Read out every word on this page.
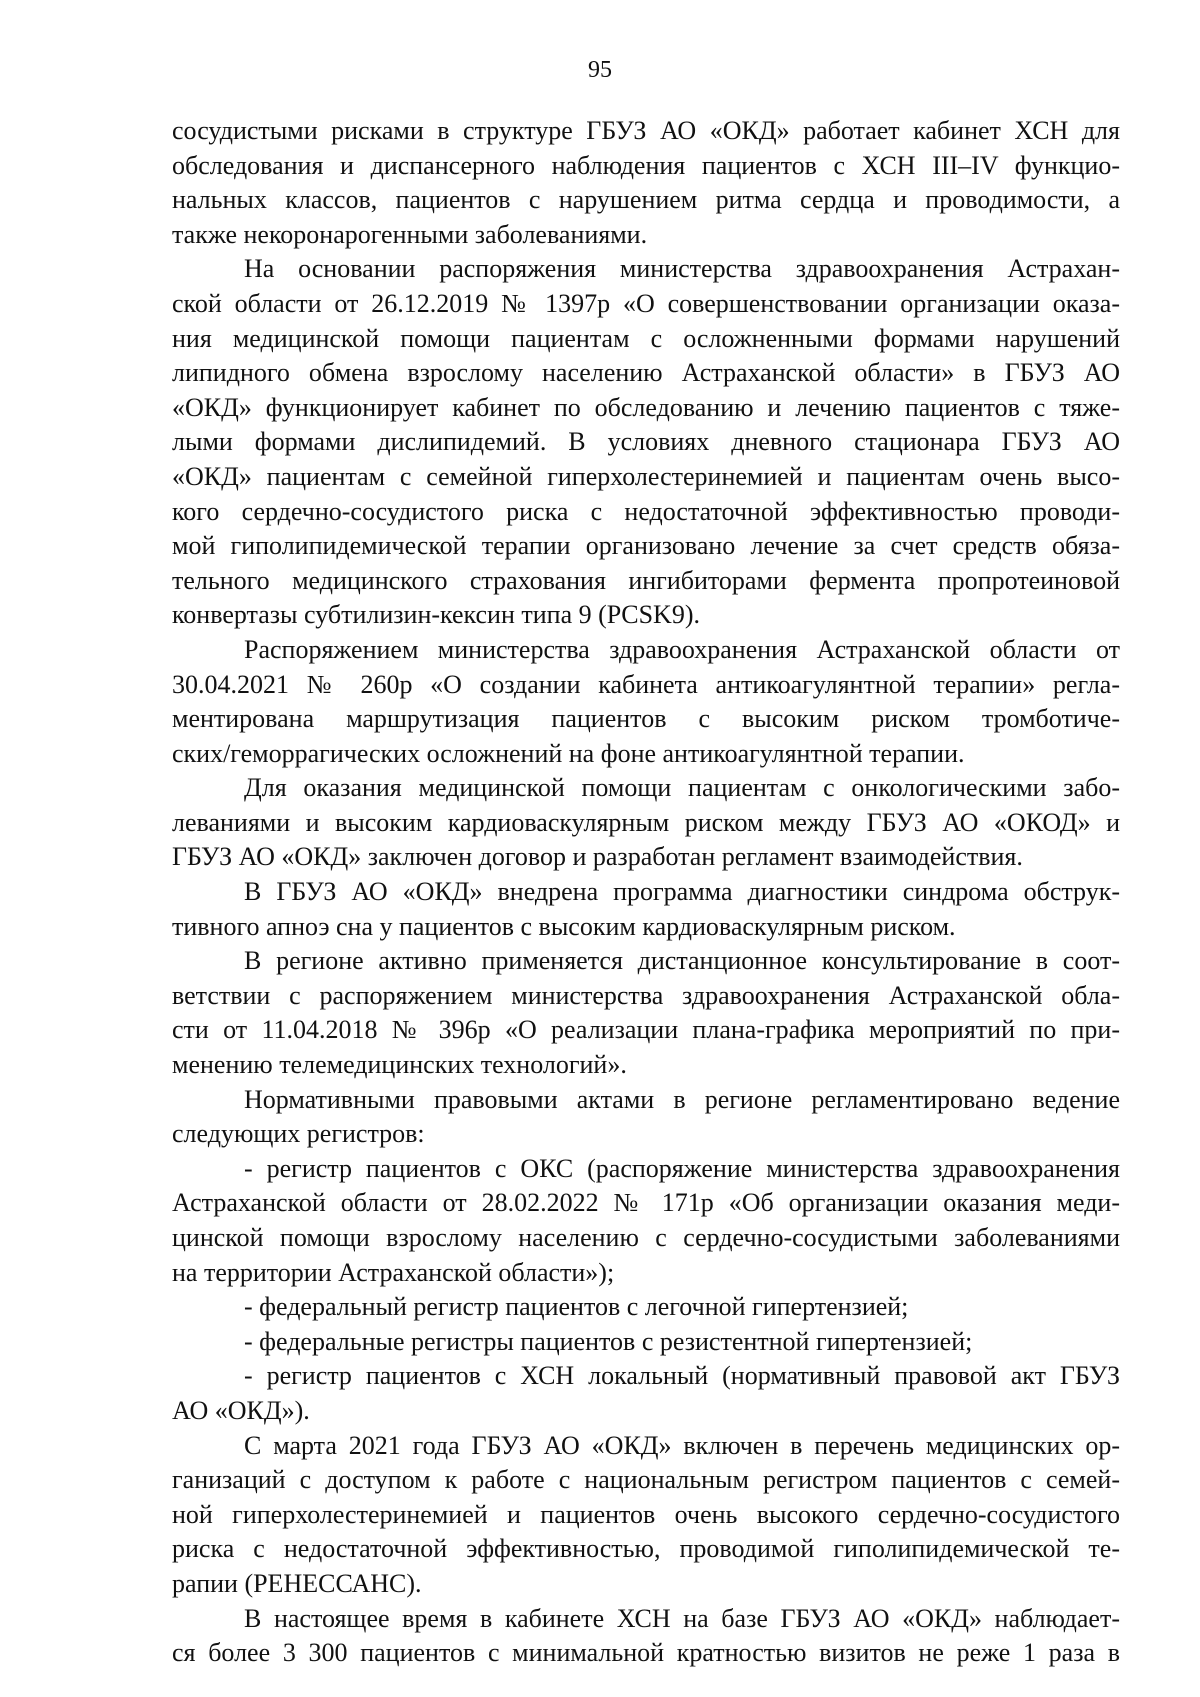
95
сосудистыми рисками в структуре ГБУЗ АО «ОКД» работает кабинет ХСН для
обследования и диспансерного наблюдения пациентов с ХСН III–IV функцио-
нальных классов, пациентов с нарушением ритма сердца и проводимости, а
также некоронарогенными заболеваниями.
На основании распоряжения министерства здравоохранения Астрахан-
ской области от 26.12.2019 № 1397р «О совершенствовании организации оказа-
ния медицинской помощи пациентам с осложненными формами нарушений
липидного обмена взрослому населению Астраханской области» в ГБУЗ АО
«ОКД» функционирует кабинет по обследованию и лечению пациентов с тяже-
лыми формами дислипидемий. В условиях дневного стационара ГБУЗ АО
«ОКД» пациентам с семейной гиперхолестеринемией и пациентам очень высо-
кого сердечно-сосудистого риска с недостаточной эффективностью проводи-
мой гиполипидемической терапии организовано лечение за счет средств обяза-
тельного медицинского страхования ингибиторами фермента пропротеиновой
конвертазы субтилизин-кексин типа 9 (PCSK9).
Распоряжением министерства здравоохранения Астраханской области от
30.04.2021 № 260р «О создании кабинета антикоагулянтной терапии» регла-
ментирована маршрутизация пациентов с высоким риском тромботиче-
ских/геморрагических осложнений на фоне антикоагулянтной терапии.
Для оказания медицинской помощи пациентам с онкологическими забо-
леваниями и высоким кардиоваскулярным риском между ГБУЗ АО «ОКОД» и
ГБУЗ АО «ОКД» заключен договор и разработан регламент взаимодействия.
В ГБУЗ АО «ОКД» внедрена программа диагностики синдрома обструк-
тивного апноэ сна у пациентов с высоким кардиоваскулярным риском.
В регионе активно применяется дистанционное консультирование в соот-
ветствии с распоряжением министерства здравоохранения Астраханской обла-
сти от 11.04.2018 № 396р «О реализации плана-графика мероприятий по при-
менению телемедицинских технологий».
Нормативными правовыми актами в регионе регламентировано ведение
следующих регистров:
- регистр пациентов с ОКС (распоряжение министерства здравоохранения
Астраханской области от 28.02.2022 № 171р «Об организации оказания меди-
цинской помощи взрослому населению с сердечно-сосудистыми заболеваниями
на территории Астраханской области»);
- федеральный регистр пациентов с легочной гипертензией;
- федеральные регистры пациентов с резистентной гипертензией;
- регистр пациентов с ХСН локальный (нормативный правовой акт ГБУЗ
АО «ОКД»).
С марта 2021 года ГБУЗ АО «ОКД» включен в перечень медицинских ор-
ганизаций с доступом к работе с национальным регистром пациентов с семей-
ной гиперхолестеринемией и пациентов очень высокого сердечно-сосудистого
риска с недостаточной эффективностью, проводимой гиполипидемической те-
рапии (РЕНЕССАНС).
В настоящее время в кабинете ХСН на базе ГБУЗ АО «ОКД» наблюдает-
ся более 3 300 пациентов с минимальной кратностью визитов не реже 1 раза в
